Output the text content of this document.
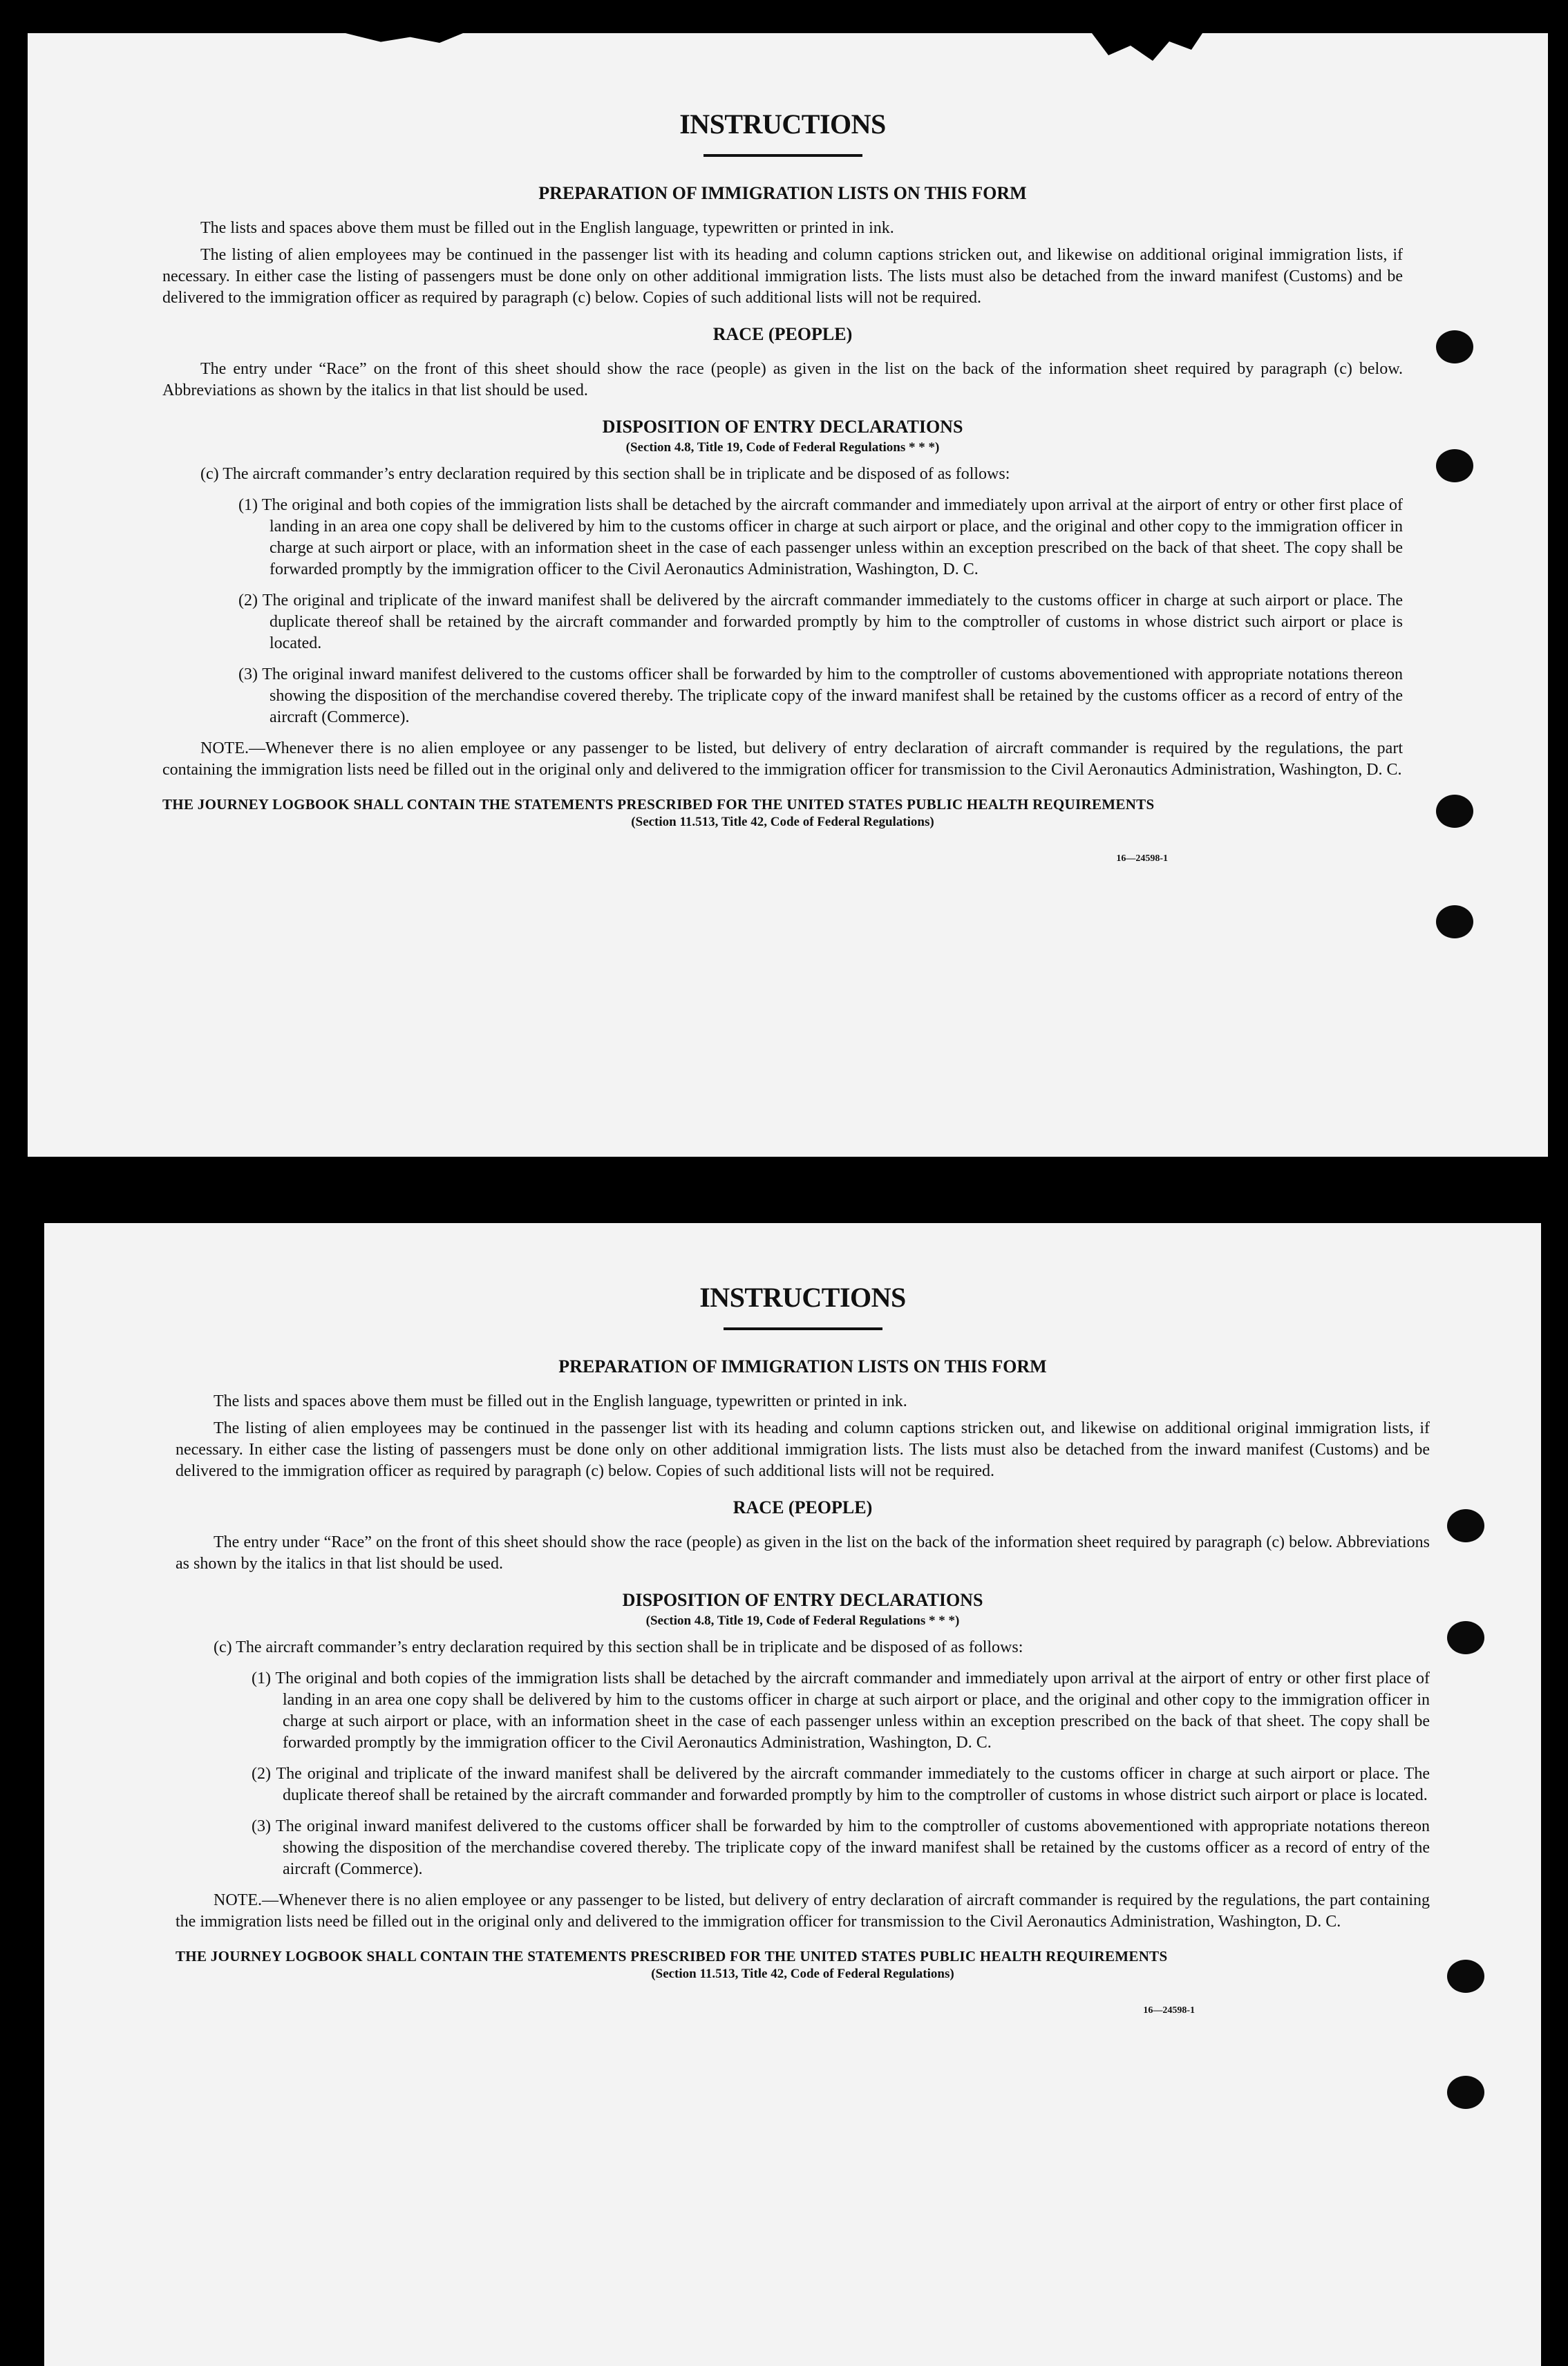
INSTRUCTIONS
PREPARATION OF IMMIGRATION LISTS ON THIS FORM

The lists and spaces above them must be filled out in the English language, typewritten or printed in ink.

The listing of alien employees may be continued in the passenger list with its heading and column captions stricken out, and likewise on additional original immigration lists, if necessary. In either case the listing of passengers must be done only on other additional immigration lists. The lists must also be detached from the inward manifest (Customs) and be delivered to the immigration officer as required by paragraph (c) below. Copies of such additional lists will not be required.

RACE (PEOPLE)

The entry under “Race” on the front of this sheet should show the race (people) as given in the list on the back of the information sheet required by paragraph (c) below. Abbreviations as shown by the italics in that list should be used.

DISPOSITION OF ENTRY DECLARATIONS

(Section 4.8, Title 19, Code of Federal Regulations * * *)

(c) The aircraft commander’s entry declaration required by this section shall be in triplicate and be disposed of as follows:

(1) The original and both copies of the immigration lists shall be detached by the aircraft commander and immediately upon arrival at the airport of entry or other first place of landing in an area one copy shall be delivered by him to the customs officer in charge at such airport or place, and the original and other copy to the immigration officer in charge at such airport or place, with an information sheet in the case of each passenger unless within an exception prescribed on the back of that sheet. The copy shall be forwarded promptly by the immigration officer to the Civil Aeronautics Administration, Washington, D. C.

(2) The original and triplicate of the inward manifest shall be delivered by the aircraft commander immediately to the customs officer in charge at such airport or place. The duplicate thereof shall be retained by the aircraft commander and forwarded promptly by him to the comptroller of customs in whose district such airport or place is located.

(3) The original inward manifest delivered to the customs officer shall be forwarded by him to the comptroller of customs abovementioned with appropriate notations thereon showing the disposition of the merchandise covered thereby. The triplicate copy of the inward manifest shall be retained by the customs officer as a record of entry of the aircraft (Commerce).

NOTE.—Whenever there is no alien employee or any passenger to be listed, but delivery of entry declaration of aircraft commander is required by the regulations, the part containing the immigration lists need be filled out in the original only and delivered to the immigration officer for transmission to the Civil Aeronautics Administration, Washington, D. C.

THE JOURNEY LOGBOOK SHALL CONTAIN THE STATEMENTS PRESCRIBED FOR THE UNITED STATES PUBLIC HEALTH REQUIREMENTS

(Section 11.513, Title 42, Code of Federal Regulations)

16—24598-1

INSTRUCTIONS
PREPARATION OF IMMIGRATION LISTS ON THIS FORM

The lists and spaces above them must be filled out in the English language, typewritten or printed in ink.

The listing of alien employees may be continued in the passenger list with its heading and column captions stricken out, and likewise on additional original immigration lists, if necessary. In either case the listing of passengers must be done only on other additional immigration lists. The lists must also be detached from the inward manifest (Customs) and be delivered to the immigration officer as required by paragraph (c) below. Copies of such additional lists will not be required.

RACE (PEOPLE)

The entry under “Race” on the front of this sheet should show the race (people) as given in the list on the back of the information sheet required by paragraph (c) below. Abbreviations as shown by the italics in that list should be used.

DISPOSITION OF ENTRY DECLARATIONS

(Section 4.8, Title 19, Code of Federal Regulations * * *)

(c) The aircraft commander’s entry declaration required by this section shall be in triplicate and be disposed of as follows:

(1) The original and both copies of the immigration lists shall be detached by the aircraft commander and immediately upon arrival at the airport of entry or other first place of landing in an area one copy shall be delivered by him to the customs officer in charge at such airport or place, and the original and other copy to the immigration officer in charge at such airport or place, with an information sheet in the case of each passenger unless within an exception prescribed on the back of that sheet. The copy shall be forwarded promptly by the immigration officer to the Civil Aeronautics Administration, Washington, D. C.

(2) The original and triplicate of the inward manifest shall be delivered by the aircraft commander immediately to the customs officer in charge at such airport or place. The duplicate thereof shall be retained by the aircraft commander and forwarded promptly by him to the comptroller of customs in whose district such airport or place is located.

(3) The original inward manifest delivered to the customs officer shall be forwarded by him to the comptroller of customs abovementioned with appropriate notations thereon showing the disposition of the merchandise covered thereby. The triplicate copy of the inward manifest shall be retained by the customs officer as a record of entry of the aircraft (Commerce).

NOTE.—Whenever there is no alien employee or any passenger to be listed, but delivery of entry declaration of aircraft commander is required by the regulations, the part containing the immigration lists need be filled out in the original only and delivered to the immigration officer for transmission to the Civil Aeronautics Administration, Washington, D. C.

THE JOURNEY LOGBOOK SHALL CONTAIN THE STATEMENTS PRESCRIBED FOR THE UNITED STATES PUBLIC HEALTH REQUIREMENTS

(Section 11.513, Title 42, Code of Federal Regulations)

16—24598-1
